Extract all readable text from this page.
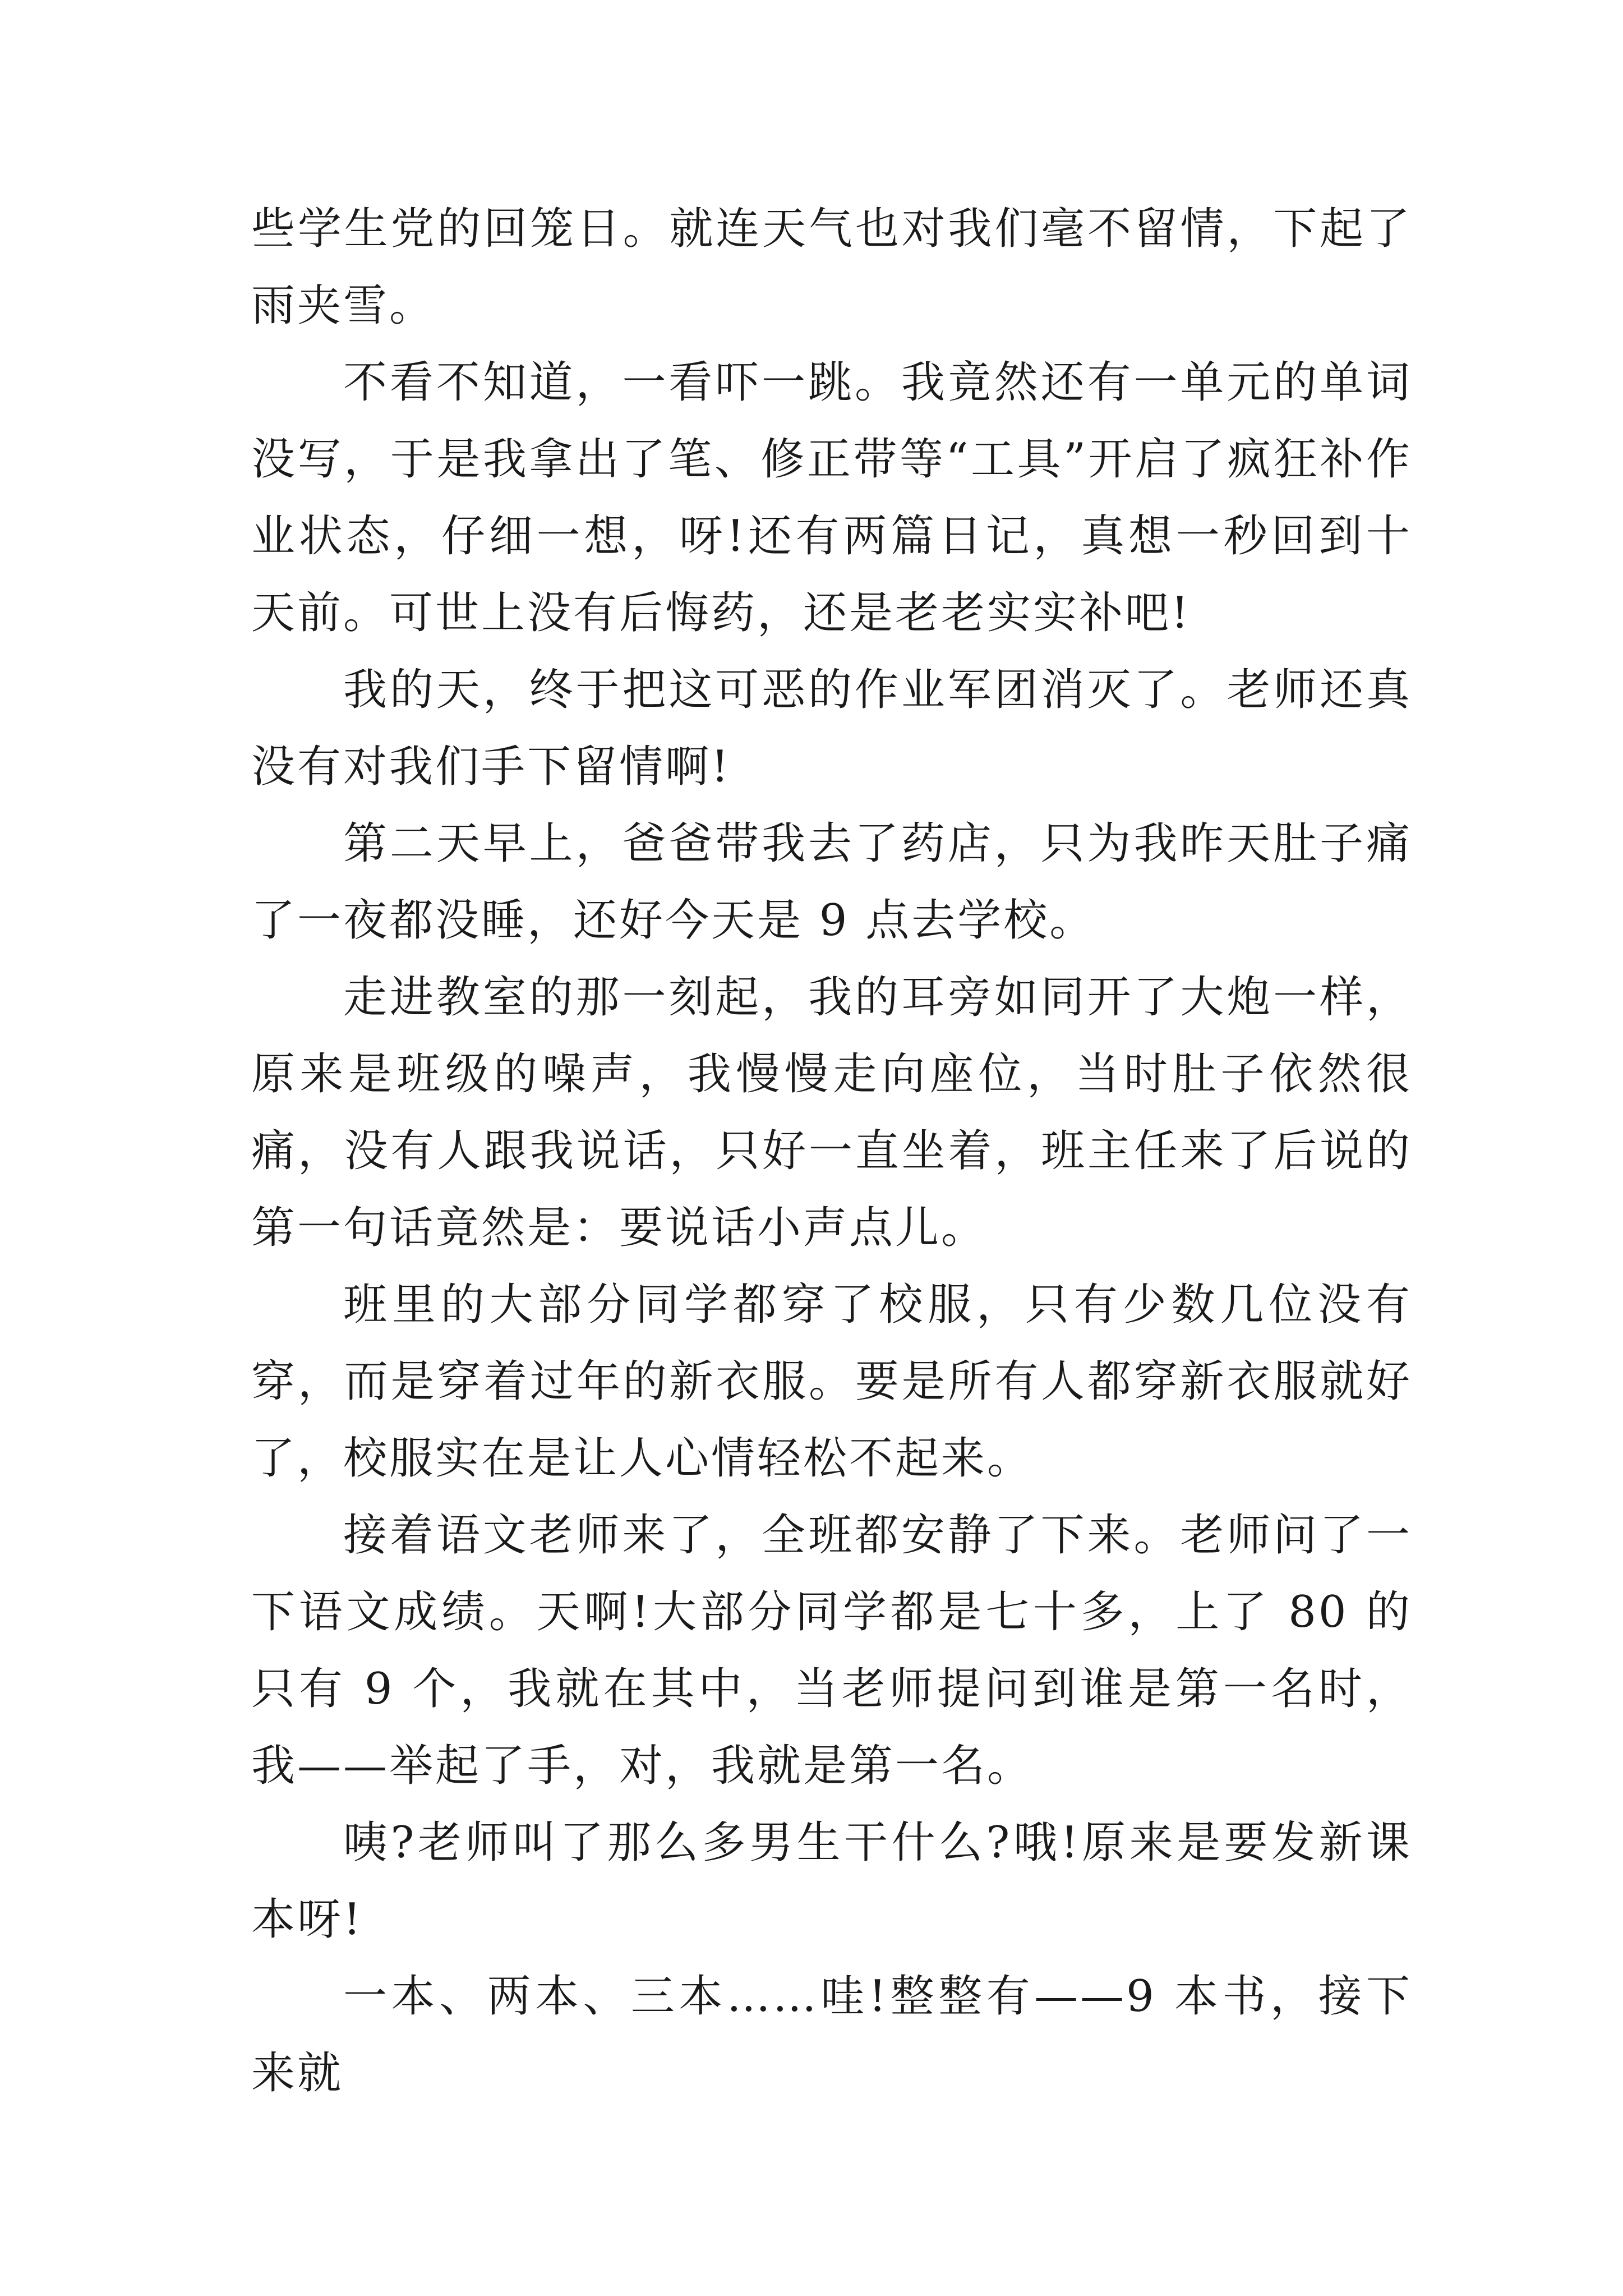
些学生党的回笼日。就连天气也对我们毫不留情，下起了雨夹雪。

不看不知道，一看吓一跳。我竟然还有一单元的单词没写，于是我拿出了笔、修正带等“工具”开启了疯狂补作业状态，仔细一想，呀!还有两篇日记，真想一秒回到十天前。可世上没有后悔药，还是老老实实补吧!

我的天，终于把这可恶的作业军团消灭了。老师还真没有对我们手下留情啊!

第二天早上，爸爸带我去了药店，只为我昨天肚子痛了一夜都没睡，还好今天是 9 点去学校。

走进教室的那一刻起，我的耳旁如同开了大炮一样，原来是班级的噪声，我慢慢走向座位，当时肚子依然很痛，没有人跟我说话，只好一直坐着，班主任来了后说的第一句话竟然是：要说话小声点儿。

班里的大部分同学都穿了校服，只有少数几位没有穿，而是穿着过年的新衣服。要是所有人都穿新衣服就好了，校服实在是让人心情轻松不起来。

接着语文老师来了，全班都安静了下来。老师问了一下语文成绩。天啊!大部分同学都是七十多，上了 80 的只有 9 个，我就在其中，当老师提问到谁是第一名时，我——举起了手，对，我就是第一名。

咦?老师叫了那么多男生干什么?哦!原来是要发新课本呀!

一本、两本、三本……哇!整整有——9 本书，接下来就
